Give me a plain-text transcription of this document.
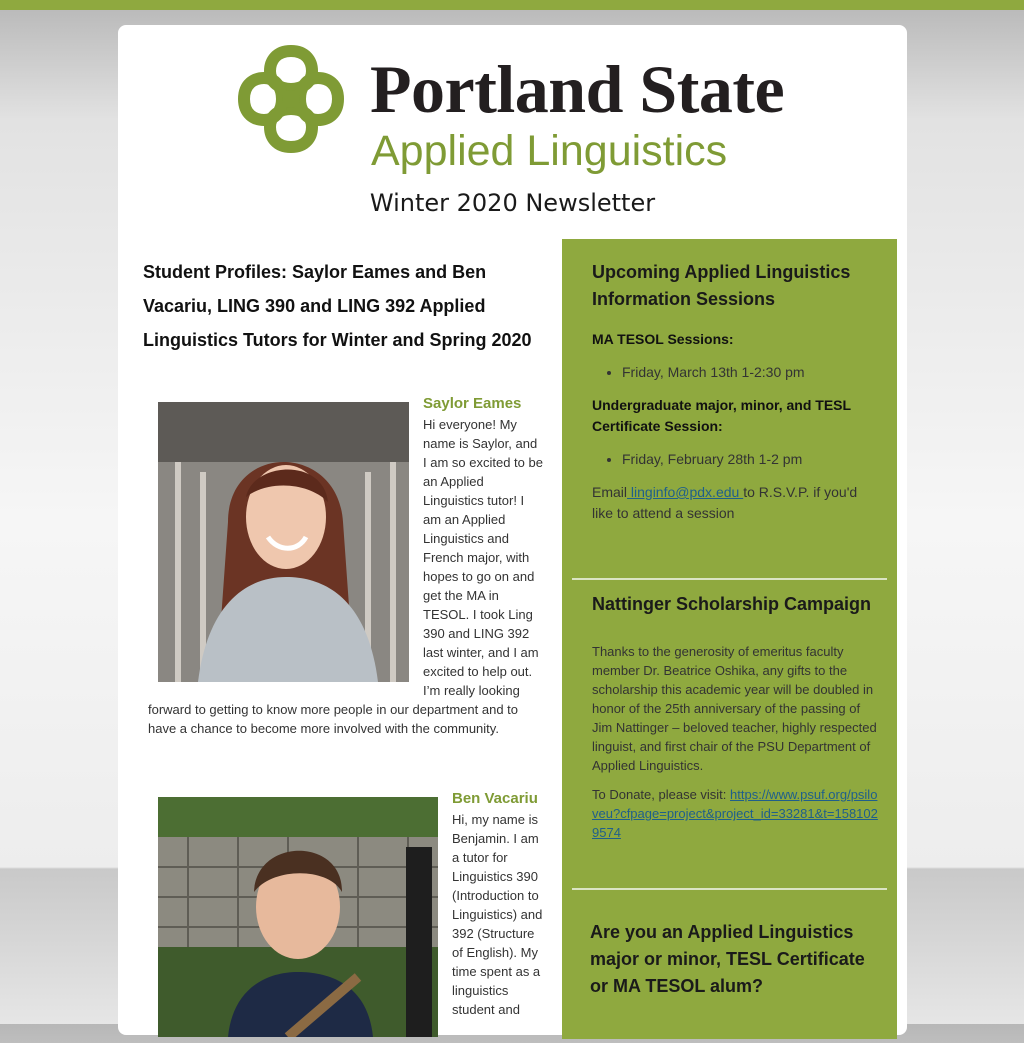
Portland State
Applied Linguistics
Winter 2020 Newsletter
Student Profiles: Saylor Eames and Ben Vacariu, LING 390 and LING 392 Applied Linguistics Tutors for Winter and Spring 2020

Saylor Eames

Hi everyone! My name is Saylor, and I am so excited to be an Applied Linguistics tutor! I am an Applied Linguistics and French major, with hopes to go on and get the MA in TESOL. I took Ling 390 and LING 392 last winter, and I am excited to help out. I’m really looking forward to getting to know more people in our department and to have a chance to become more involved with the community.

Ben Vacariu

Hi, my name is Benjamin. I am a tutor for Linguistics 390 (Introduction to Linguistics) and 392 (Structure of English). My time spent as a linguistics student and

Upcoming Applied Linguistics Information Sessions

MA TESOL Sessions:

• Friday, March 13th 1-2:30 pm

Undergraduate major, minor, and TESL Certificate Session:

• Friday, February 28th 1-2 pm

Email linginfo@pdx.edu to R.S.V.P. if you'd like to attend a session

Nattinger Scholarship Campaign

Thanks to the generosity of emeritus faculty member Dr. Beatrice Oshika, any gifts to the scholarship this academic year will be doubled in honor of the 25th anniversary of the passing of Jim Nattinger – beloved teacher, highly respected linguist, and first chair of the PSU Department of Applied Linguistics.

To Donate, please visit: https://www.psuf.org/psiloveu?cfpage=project&project_id=33281&t=1581029574

Are you an Applied Linguistics major or minor, TESL Certificate or MA TESOL alum?
